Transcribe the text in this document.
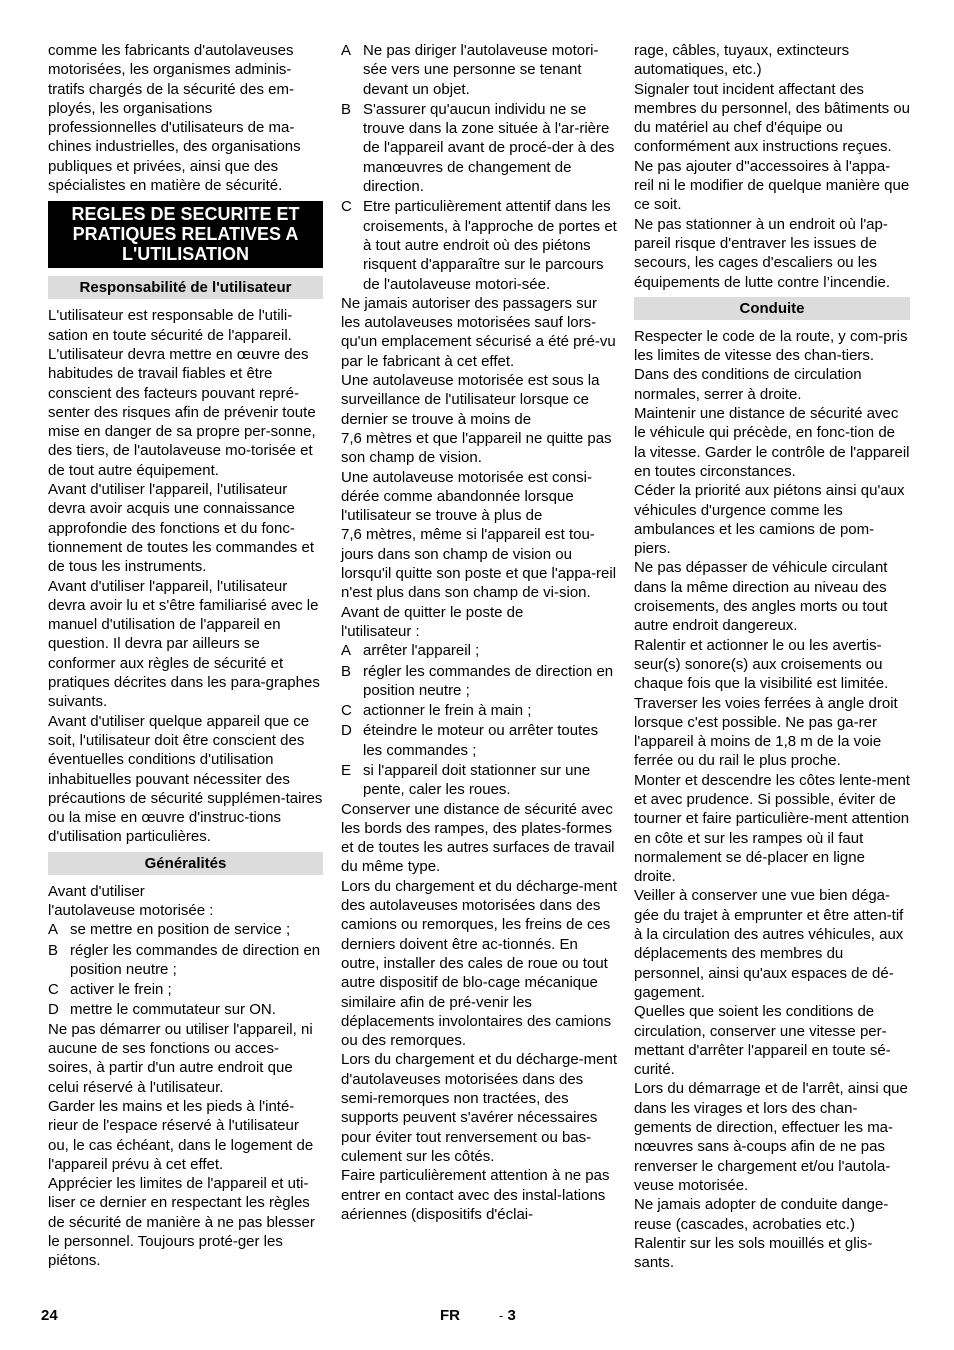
comme les fabricants d'autolaveuses motorisées, les organismes adminis-tratifs chargés de la sécurité des em-ployés, les organisations professionnelles d'utilisateurs de ma-chines industrielles, des organisations publiques et privées, ainsi que des spécialistes en matière de sécurité.

REGLES DE SECURITE ET PRATIQUES RELATIVES A L'UTILISATION
Responsabilité de l'utilisateur

L'utilisateur est responsable de l'utili-sation en toute sécurité de l'appareil.

L'utilisateur devra mettre en œuvre des habitudes de travail fiables et être conscient des facteurs pouvant repré-senter des risques afin de prévenir toute mise en danger de sa propre per-sonne, des tiers, de l'autolaveuse mo-torisée et de tout autre équipement.

Avant d'utiliser l'appareil, l'utilisateur devra avoir acquis une connaissance approfondie des fonctions et du fonc-tionnement de toutes les commandes et de tous les instruments.

Avant d'utiliser l'appareil, l'utilisateur devra avoir lu et s'être familiarisé avec le manuel d'utilisation de l'appareil en question. Il devra par ailleurs se conformer aux règles de sécurité et pratiques décrites dans les para-graphes suivants.

Avant d'utiliser quelque appareil que ce soit, l'utilisateur doit être conscient des éventuelles conditions d'utilisation inhabituelles pouvant nécessiter des précautions de sécurité supplémen-taires ou la mise en œuvre d'instruc-tions d'utilisation particulières.

Généralités

Avant d'utiliser

l'autolaveuse motorisée :

A se mettre en position de service ;
B régler les commandes de direction en position neutre ;
C activer le frein ;
D mettre le commutateur sur ON.

Ne pas démarrer ou utiliser l'appareil, ni aucune de ses fonctions ou acces-soires, à partir d'un autre endroit que celui réservé à l'utilisateur.

Garder les mains et les pieds à l'inté-rieur de l'espace réservé à l'utilisateur ou, le cas échéant, dans le logement de l'appareil prévu à cet effet.

Apprécier les limites de l'appareil et uti-liser ce dernier en respectant les règles de sécurité de manière à ne pas blesser le personnel. Toujours proté-ger les piétons.

A Ne pas diriger l'autolaveuse motori-sée vers une personne se tenant devant un objet.
B S'assurer qu'aucun individu ne se trouve dans la zone située à l'ar-rière de l'appareil avant de procé-der à des manœuvres de changement de direction.
C Etre particulièrement attentif dans les croisements, à l'approche de portes et à tout autre endroit où des piétons risquent d'apparaître sur le parcours de l'autolaveuse motori-sée.

Ne jamais autoriser des passagers sur les autolaveuses motorisées sauf lors-qu'un emplacement sécurisé a été pré-vu par le fabricant à cet effet.

Une autolaveuse motorisée est sous la surveillance de l'utilisateur lorsque ce dernier se trouve à moins de

7,6 mètres et que l'appareil ne quitte pas son champ de vision.

Une autolaveuse motorisée est consi-dérée comme abandonnée lorsque l'utilisateur se trouve à plus de

7,6 mètres, même si l'appareil est tou-jours dans son champ de vision ou lorsqu'il quitte son poste et que l'appa-reil n'est plus dans son champ de vi-sion.

Avant de quitter le poste de

l'utilisateur :

A arrêter l'appareil ;
B régler les commandes de direction en position neutre ;
C actionner le frein à main ;
D éteindre le moteur ou arrêter toutes les commandes ;
E si l'appareil doit stationner sur une pente, caler les roues.

Conserver une distance de sécurité avec les bords des rampes, des plates-formes et de toutes les autres surfaces de travail du même type.

Lors du chargement et du décharge-ment des autolaveuses motorisées dans des camions ou remorques, les freins de ces derniers doivent être ac-tionnés. En outre, installer des cales de roue ou tout autre dispositif de blo-cage mécanique similaire afin de pré-venir les déplacements involontaires des camions ou des remorques.

Lors du chargement et du décharge-ment d'autolaveuses motorisées dans des semi-remorques non tractées, des supports peuvent s'avérer nécessaires pour éviter tout renversement ou bas-culement sur les côtés.

Faire particulièrement attention à ne pas entrer en contact avec des instal-lations aériennes (dispositifs d'éclai-

rage, câbles, tuyaux, extincteurs automatiques, etc.)

Signaler tout incident affectant des membres du personnel, des bâtiments ou du matériel au chef d'équipe ou conformément aux instructions reçues.

Ne pas ajouter d''accessoires à l'appa-reil ni le modifier de quelque manière que ce soit.

Ne pas stationner à un endroit où l'ap-pareil risque d'entraver les issues de secours, les cages d'escaliers ou les équipements de lutte contre l’incendie.

Conduite

Respecter le code de la route, y com-pris les limites de vitesse des chan-tiers. Dans des conditions de circulation normales, serrer à droite.

Maintenir une distance de sécurité avec le véhicule qui précède, en fonc-tion de la vitesse. Garder le contrôle de l'appareil en toutes circonstances.

Céder la priorité aux piétons ainsi qu'aux véhicules d'urgence comme les ambulances et les camions de pom-piers.

Ne pas dépasser de véhicule circulant dans la même direction au niveau des croisements, des angles morts ou tout autre endroit dangereux.

Ralentir et actionner le ou les avertis-seur(s) sonore(s) aux croisements ou chaque fois que la visibilité est limitée.

Traverser les voies ferrées à angle droit lorsque c'est possible. Ne pas ga-rer l'appareil à moins de 1,8 m de la voie ferrée ou du rail le plus proche.

Monter et descendre les côtes lente-ment et avec prudence. Si possible, éviter de tourner et faire particulière-ment attention en côte et sur les rampes où il faut normalement se dé-placer en ligne droite.

Veiller à conserver une vue bien déga-gée du trajet à emprunter et être atten-tif à la circulation des autres véhicules, aux déplacements des membres du personnel, ainsi qu'aux espaces de dé-gagement.

Quelles que soient les conditions de circulation, conserver une vitesse per-mettant d'arrêter l'appareil en toute sé-curité.

Lors du démarrage et de l'arrêt, ainsi que dans les virages et lors des chan-gements de direction, effectuer les ma-nœuvres sans à-coups afin de ne pas renverser le chargement et/ou l'autola-veuse motorisée.

Ne jamais adopter de conduite dange-reuse (cascades, acrobaties etc.)

Ralentir sur les sols mouillés et glis-sants.

24	FR	- 3
